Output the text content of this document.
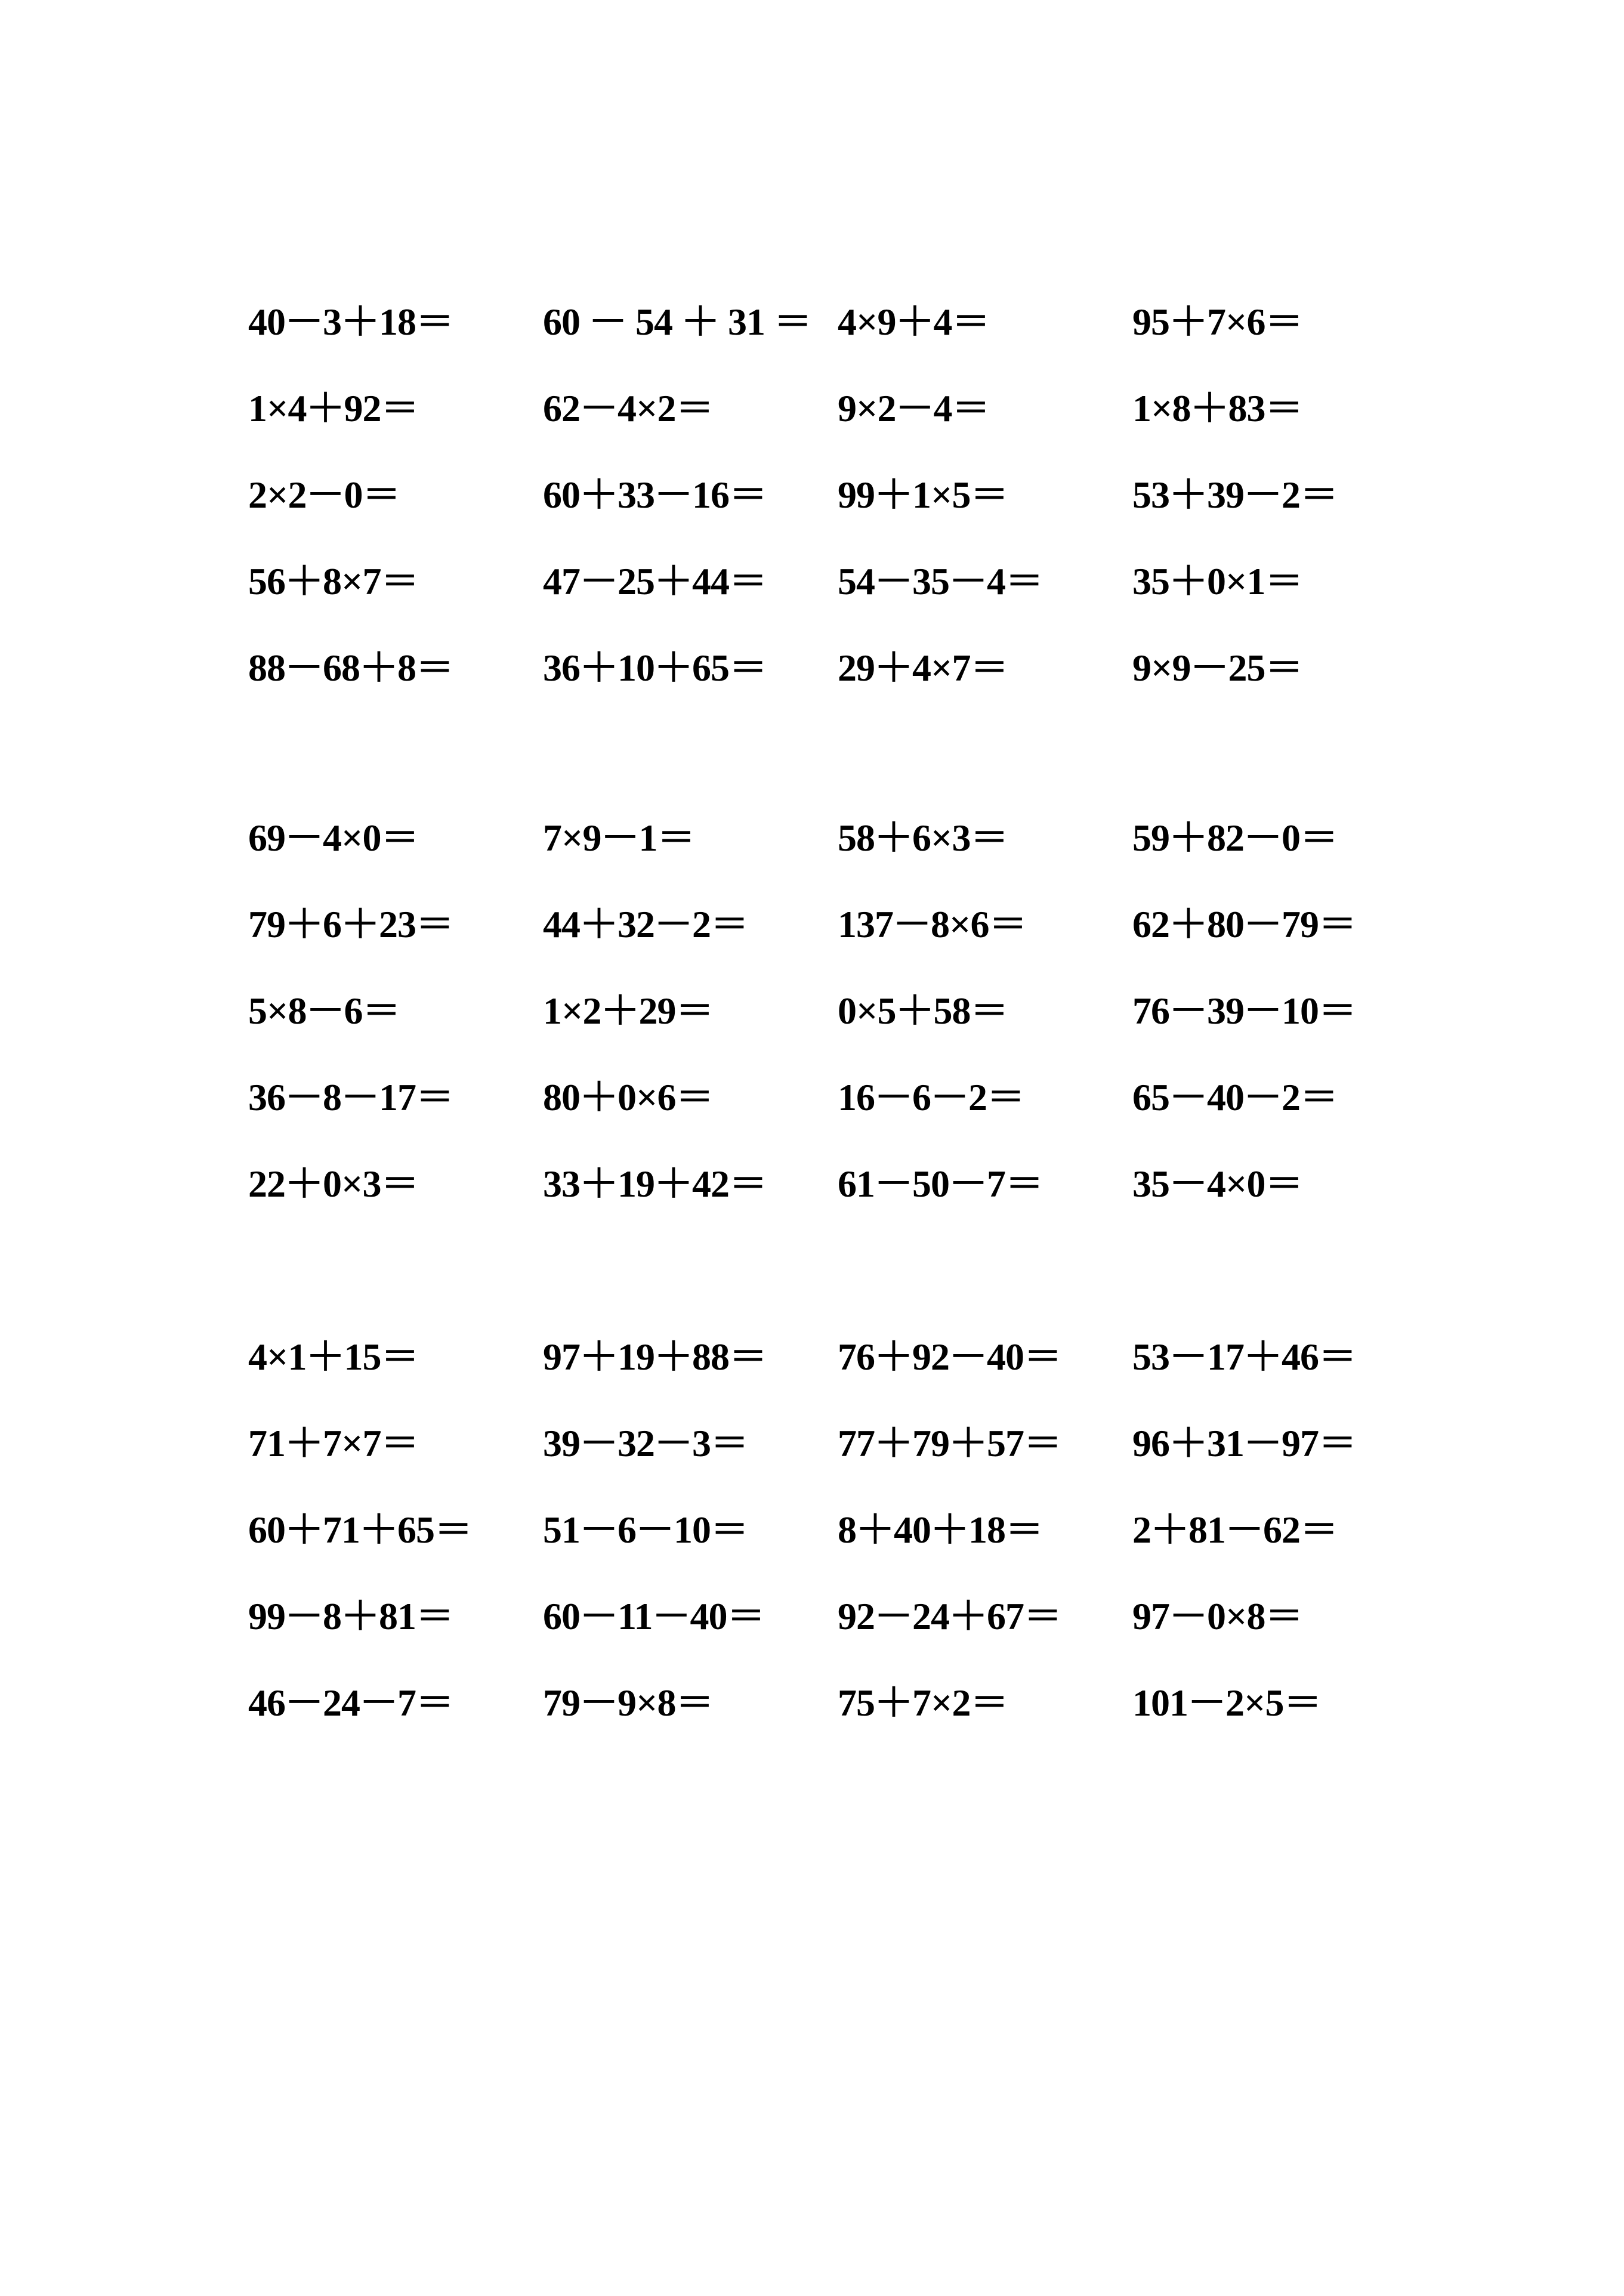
40－3＋18＝ 60 － 54 ＋ 31 ＝ 4×9＋4＝	95＋7×6＝
1×4＋92＝	62－4×2＝	9×2－4＝	1×8＋83＝
2×2－0＝	60＋33－16＝ 99＋1×5＝	53＋39－2＝
56＋8×7＝	47－25＋44＝ 54－35－4＝ 35＋0×1＝
88－68＋8＝ 36＋10＋65＝ 29＋4×7＝	9×9－25＝
69－4×0＝	7×9－1＝	58＋6×3＝	59＋82－0＝
79＋6＋23＝ 44＋32－2＝ 137－8×6＝	62＋80－79＝
5×8－6＝	1×2＋29＝	0×5＋58＝	76－39－10＝
36－8－17＝ 80＋0×6＝	16－6－2＝	65－40－2＝
22＋0×3＝	33＋19＋42＝ 61－50－7＝ 35－4×0＝
4×1＋15＝	97＋19＋88＝ 76＋92－40＝ 53－17＋46＝
71＋7×7＝	39－32－3＝ 77＋79＋57＝ 96＋31－97＝
60＋71＋65＝ 51－6－10＝ 8＋40＋18＝ 2＋81－62＝
99－8＋81＝ 60－11－40＝ 92－24＋67＝ 97－0×8＝
46－24－7＝ 79－9×8＝	75＋7×2＝	101－2×5＝
